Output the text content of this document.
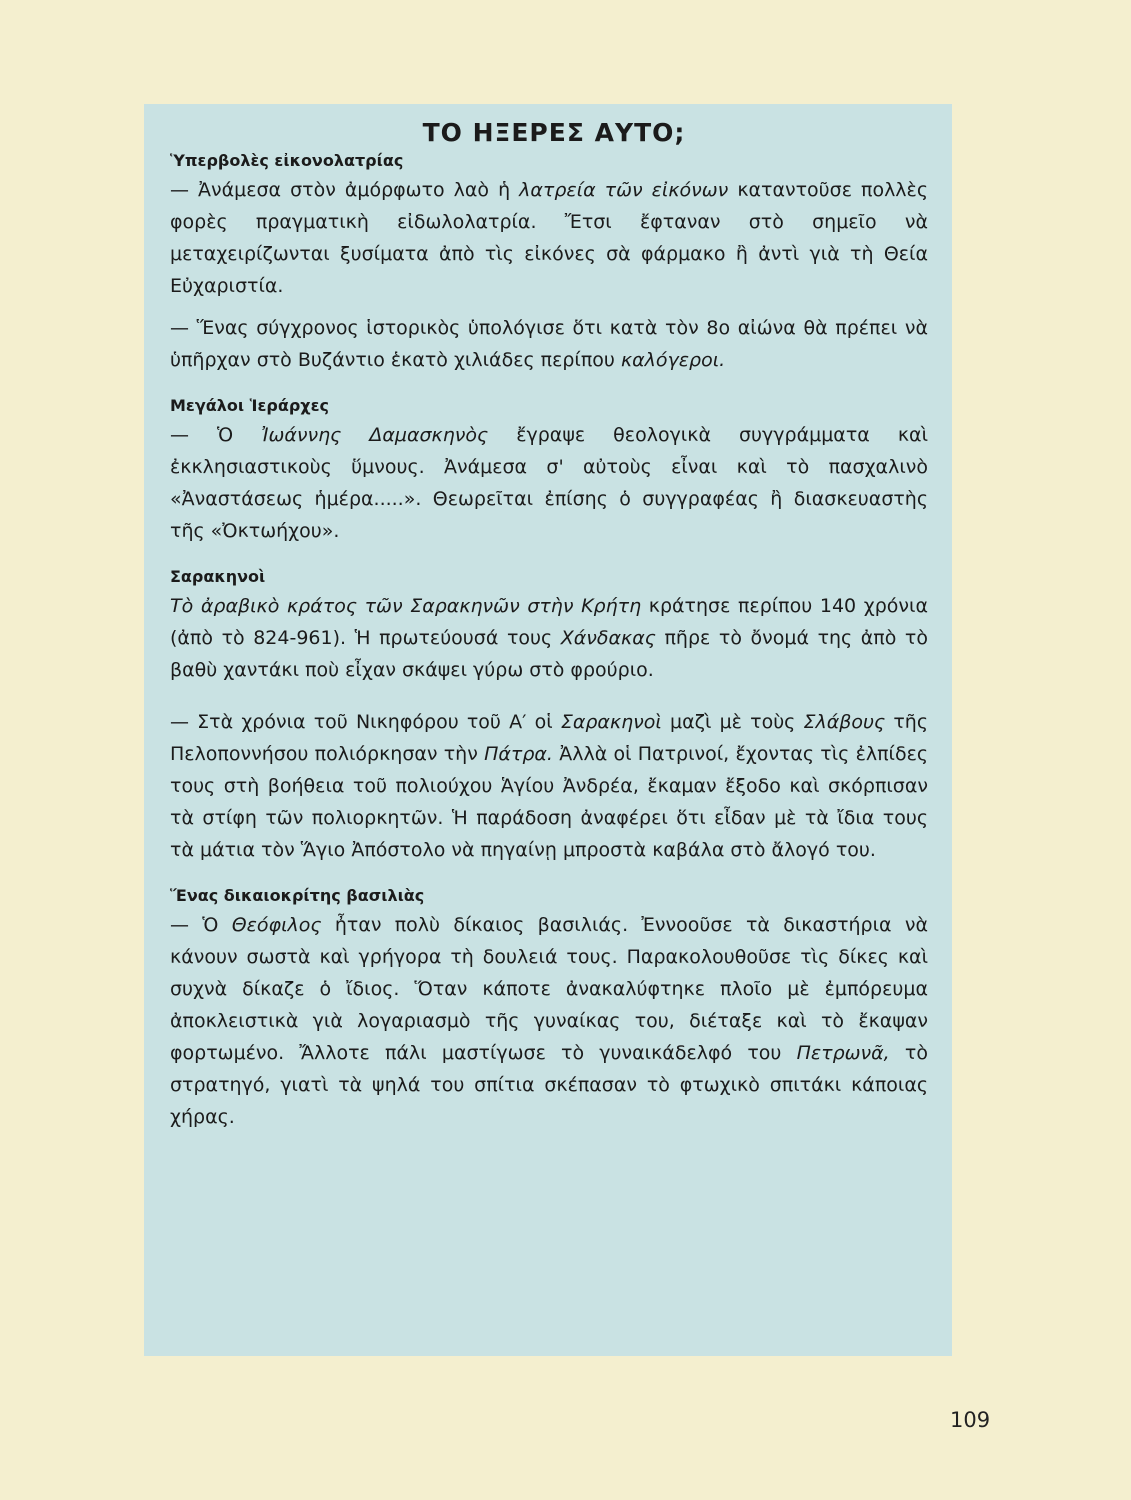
ΤΟ ΗΞΕΡΕΣ ΑΥΤΟ;
Ὑπερβολὲς εἰκονολατρίας

— Ἀνάμεσα στὸν ἀμόρφωτο λαὸ ἡ λατρεία τῶν εἰκόνων καταντοῦσε πολλὲς φορὲς πραγματικὴ εἰδωλολατρία. Ἔτσι ἔφταναν στὸ σημεῖο νὰ μεταχειρίζωνται ξυσίματα ἀπὸ τὶς εἰκόνες σὰ φάρμακο ἢ ἀντὶ γιὰ τὴ Θεία Εὐχαριστία.

— Ἕνας σύγχρονος ἱστορικὸς ὑπολόγισε ὅτι κατὰ τὸν 8ο αἰώνα θὰ πρέπει νὰ ὑπῆρχαν στὸ Βυζάντιο ἑκατὸ χιλιάδες περίπου καλόγεροι.

Μεγάλοι Ἱεράρχες

— Ὁ Ἰωάννης Δαμασκηνὸς ἔγραψε θεολογικὰ συγγράμματα καὶ ἐκκλησιαστικοὺς ὕμνους. Ἀνάμεσα σ' αὐτοὺς εἶναι καὶ τὸ πασχαλινὸ «Ἀναστάσεως ἡμέρα.....». Θεωρεῖται ἐπίσης ὁ συγγραφέας ἢ διασκευαστὴς τῆς «Ὀκτωήχου».

Σαρακηνοὶ

Τὸ ἀραβικὸ κράτος τῶν Σαρακηνῶν στὴν Κρήτη κράτησε περίπου 140 χρόνια (ἀπὸ τὸ 824-961). Ἡ πρωτεύουσά τους Χάνδακας πῆρε τὸ ὄνομά της ἀπὸ τὸ βαθὺ χαντάκι ποὺ εἶχαν σκάψει γύρω στὸ φρούριο.

— Στὰ χρόνια τοῦ Νικηφόρου τοῦ Α′ οἱ Σαρακηνοὶ μαζὶ μὲ τοὺς Σλάβους τῆς Πελοποννήσου πολιόρκησαν τὴν Πάτρα. Ἀλλὰ οἱ Πατρινοί, ἔχοντας τὶς ἐλπίδες τους στὴ βοήθεια τοῦ πολιούχου Ἁγίου Ἀνδρέα, ἔκαμαν ἔξοδο καὶ σκόρπισαν τὰ στίφη τῶν πολιορκητῶν. Ἡ παράδοση ἀναφέρει ὅτι εἶδαν μὲ τὰ ἴδια τους τὰ μάτια τὸν Ἅγιο Ἀπόστολο νὰ πηγαίνῃ μπροστὰ καβάλα στὸ ἄλογό του.

Ἕνας δικαιοκρίτης βασιλιὰς

— Ὁ Θεόφιλος ἦταν πολὺ δίκαιος βασιλιάς. Ἐννοοῦσε τὰ δικαστήρια νὰ κάνουν σωστὰ καὶ γρήγορα τὴ δουλειά τους. Παρακολουθοῦσε τὶς δίκες καὶ συχνὰ δίκαζε ὁ ἴδιος. Ὅταν κάποτε ἀνακαλύφτηκε πλοῖο μὲ ἐμπόρευμα ἀποκλειστικὰ γιὰ λογαριασμὸ τῆς γυναίκας του, διέταξε καὶ τὸ ἔκαψαν φορτωμένο. Ἄλλοτε πάλι μαστίγωσε τὸ γυναικάδελφό του Πετρωνᾶ, τὸ στρατηγό, γιατὶ τὰ ψηλά του σπίτια σκέπασαν τὸ φτωχικὸ σπιτάκι κάποιας χήρας.

109
